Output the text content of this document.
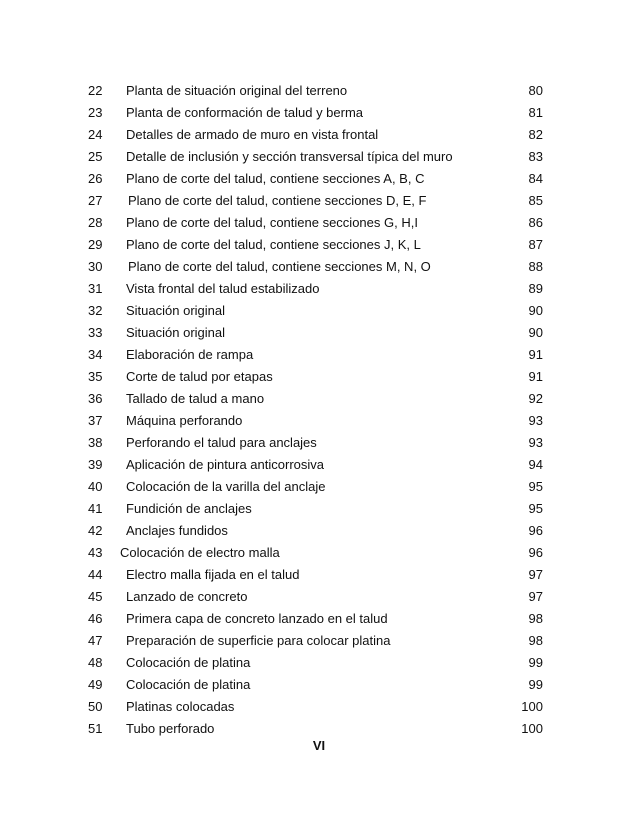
22	Planta de situación original del terreno	80
23	Planta de conformación de talud y berma	81
24	Detalles de armado de muro en vista frontal	82
25	Detalle de inclusión y sección transversal típica del muro	83
26	Plano de corte del talud, contiene secciones A, B, C	84
27	Plano de corte del talud, contiene secciones D, E, F	85
28	Plano de corte del talud, contiene secciones G, H,I	86
29	Plano de corte del talud, contiene secciones J, K, L	87
30	Plano de corte del talud, contiene secciones M, N, O	88
31	Vista frontal del talud estabilizado	89
32	Situación original	90
33	Situación original	90
34	Elaboración de rampa	91
35	Corte de talud por etapas	91
36	Tallado de talud a mano	92
37	Máquina perforando	93
38	Perforando el talud para anclajes	93
39	Aplicación de pintura anticorrosiva	94
40	Colocación de la varilla del anclaje	95
41	Fundición de anclajes	95
42	Anclajes fundidos	96
43	Colocación de electro malla	96
44	Electro malla fijada en el talud	97
45	Lanzado de concreto	97
46	Primera capa de concreto lanzado en el talud	98
47	Preparación de superficie para colocar platina	98
48	Colocación de platina	99
49	Colocación de platina	99
50	Platinas colocadas	100
51	Tubo perforado	100
VI
